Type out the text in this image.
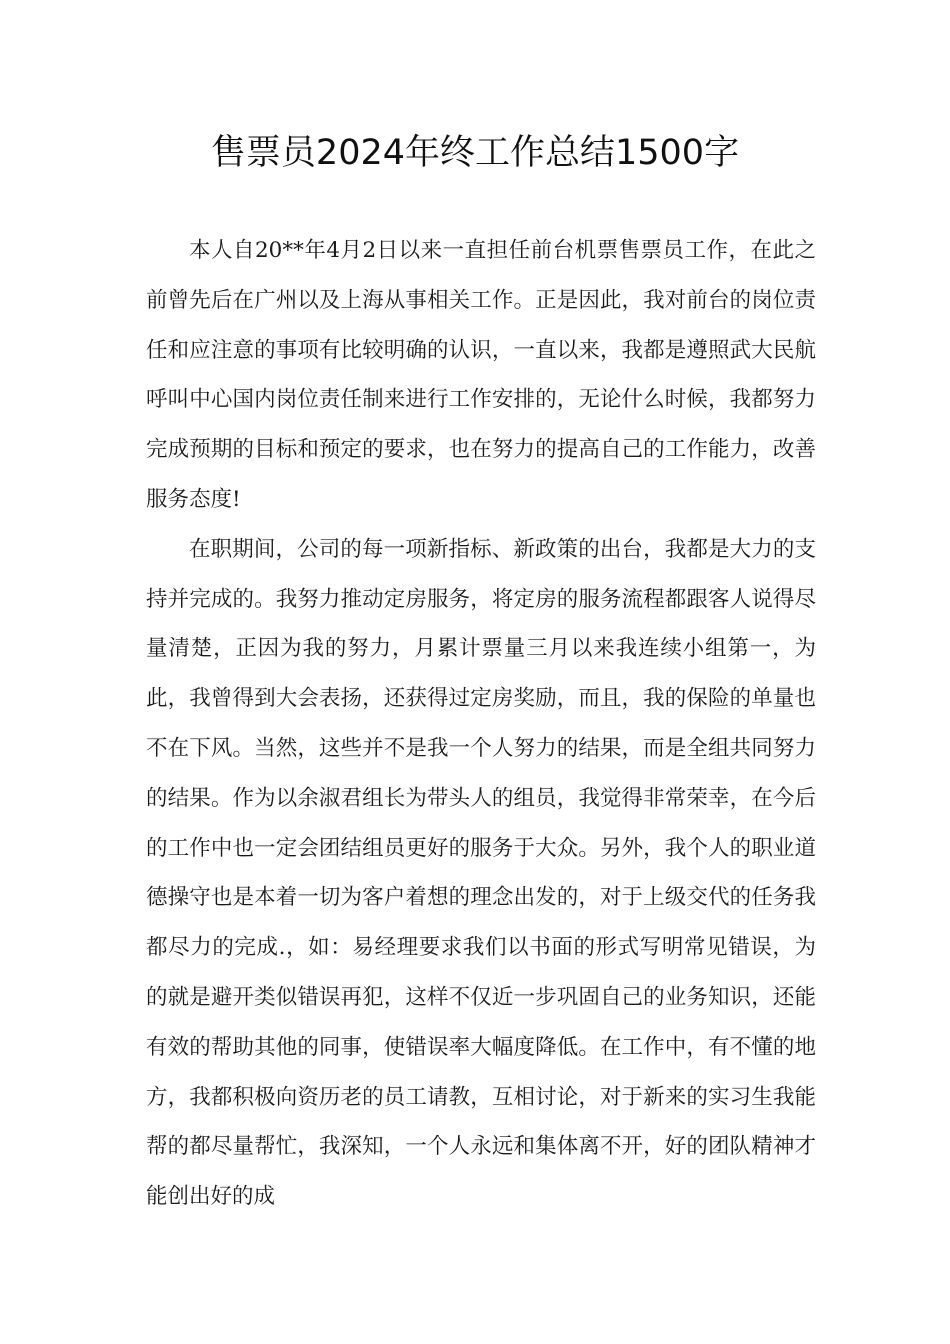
售票员2024年终工作总结1500字

本人自20**年4月2日以来一直担任前台机票售票员工作，在此之前曾先后在广州以及上海从事相关工作。正是因此，我对前台的岗位责任和应注意的事项有比较明确的认识，一直以来，我都是遵照武大民航呼叫中心国内岗位责任制来进行工作安排的，无论什么时候，我都努力完成预期的目标和预定的要求，也在努力的提高自己的工作能力，改善服务态度!

在职期间，公司的每一项新指标、新政策的出台，我都是大力的支持并完成的。我努力推动定房服务，将定房的服务流程都跟客人说得尽量清楚，正因为我的努力，月累计票量三月以来我连续小组第一，为此，我曾得到大会表扬，还获得过定房奖励，而且，我的保险的单量也不在下风。当然，这些并不是我一个人努力的结果，而是全组共同努力的结果。作为以余淑君组长为带头人的组员，我觉得非常荣幸，在今后的工作中也一定会团结组员更好的服务于大众。另外，我个人的职业道德操守也是本着一切为客户着想的理念出发的，对于上级交代的任务我都尽力的完成.，如：易经理要求我们以书面的形式写明常见错误，为的就是避开类似错误再犯，这样不仅近一步巩固自己的业务知识，还能有效的帮助其他的同事，使错误率大幅度降低。在工作中，有不懂的地方，我都积极向资历老的员工请教，互相讨论，对于新来的实习生我能帮的都尽量帮忙，我深知，一个人永远和集体离不开，好的团队精神才能创出好的成
